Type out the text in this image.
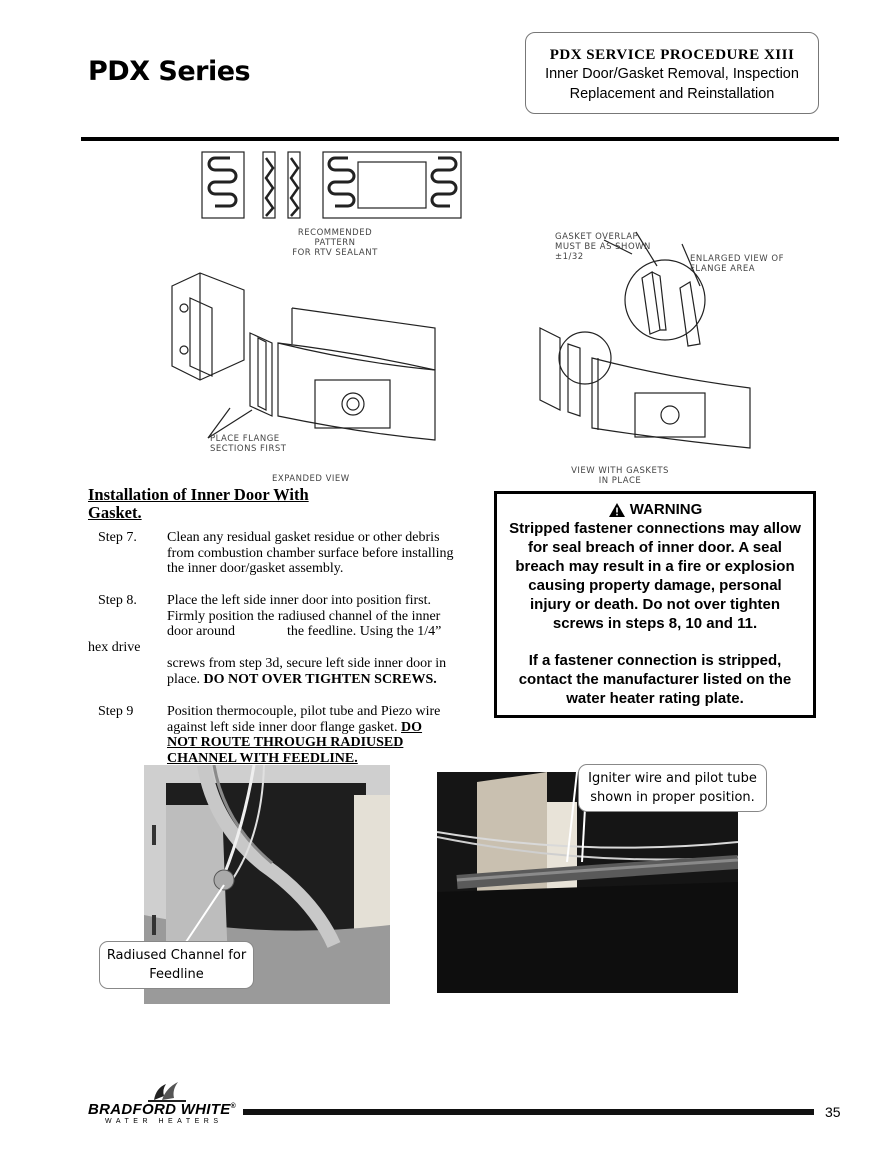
PDX Series
PDX SERVICE PROCEDURE XIII
Inner Door/Gasket Removal, Inspection
Replacement and Reinstallation
RECOMMENDED PATTERN
FOR RTV SEALANT
GASKET OVERLAP
MUST BE AS SHOWN
±1/32	ENLARGED VIEW OF
FLANGE AREA
PLACE FLANGE
SECTIONS FIRST
EXPANDED VIEW
VIEW WITH GASKETS
IN PLACE
Installation of Inner Door With
Gasket.
Step 7. Clean any residual gasket residue or other debris
from combustion chamber surface before installing
the inner door/gasket assembly.
Step 8. Place the left side inner door into position first.
Firmly position the radiused channel of the inner
door around	the feedline. Using the 1/4”
hex drive
screws from step 3d, secure left side inner door in
place. DO NOT OVER TIGHTEN SCREWS.
Step 9 Position thermocouple, pilot tube and Piezo wire
against left side inner door flange gasket. DO
NOT ROUTE THROUGH RADIUSED
CHANNEL WITH FEEDLINE.
WARNING
Stripped fastener connections may allow
for seal breach of inner door. A seal
breach may result in a fire or explosion
causing property damage, personal
injury or death. Do not over tighten
screws in steps 8, 10 and 11.
If a fastener connection is stripped,
contact the manufacturer listed on the
water heater rating plate.
Radiused Channel for
Feedline
Igniter wire and pilot tube
shown in proper position.
BRADFORD WHITE®
WATER HEATERS
35
